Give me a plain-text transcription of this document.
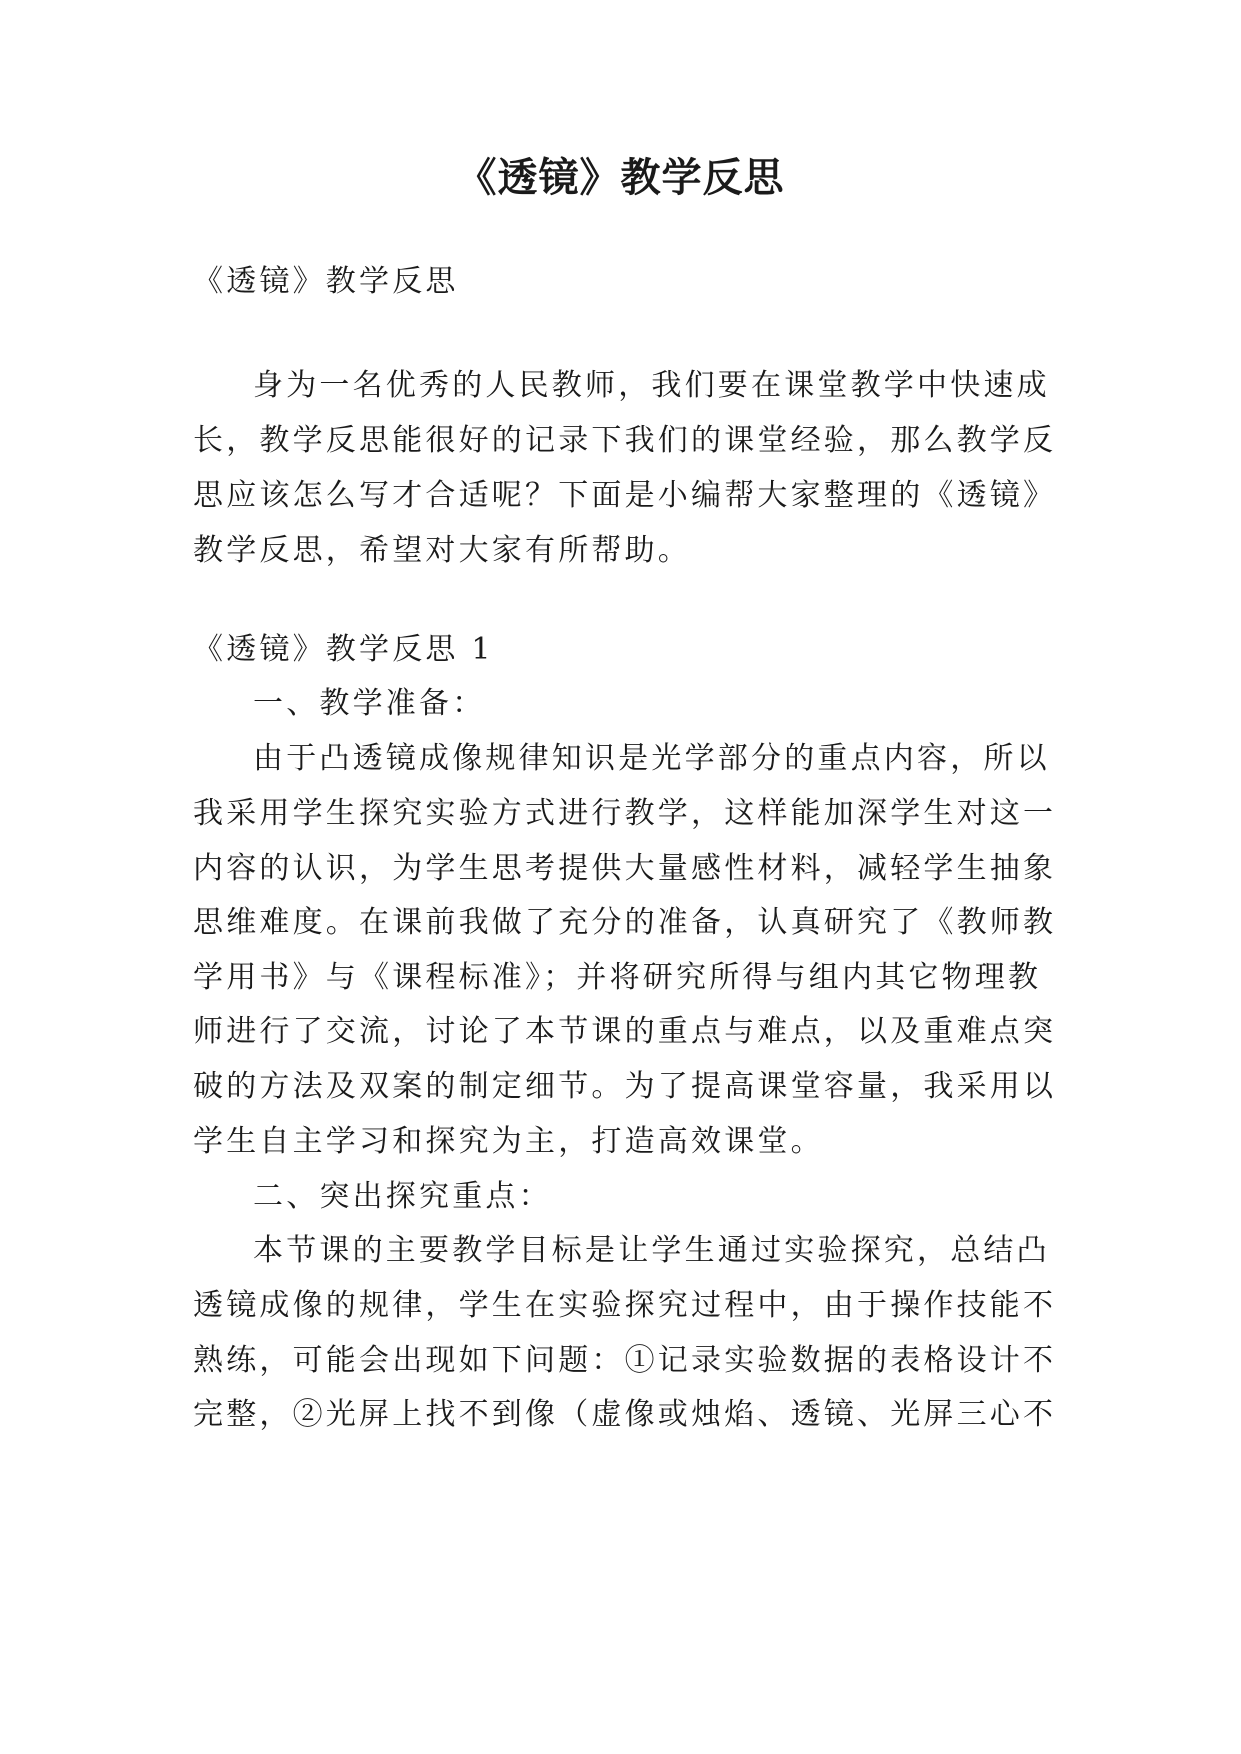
《透镜》教学反思

《透镜》教学反思

身为一名优秀的人民教师，我们要在课堂教学中快速成

长，教学反思能很好的记录下我们的课堂经验，那么教学反

思应该怎么写才合适呢？下面是小编帮大家整理的《透镜》

教学反思，希望对大家有所帮助。

《透镜》教学反思 1

一、教学准备：

由于凸透镜成像规律知识是光学部分的重点内容，所以

我采用学生探究实验方式进行教学，这样能加深学生对这一

内容的认识，为学生思考提供大量感性材料，减轻学生抽象

思维难度。在课前我做了充分的准备，认真研究了《教师教

学用书》与《课程标准》；并将研究所得与组内其它物理教

师进行了交流，讨论了本节课的重点与难点，以及重难点突

破的方法及双案的制定细节。为了提高课堂容量，我采用以

学生自主学习和探究为主，打造高效课堂。

二、突出探究重点：

本节课的主要教学目标是让学生通过实验探究，总结凸

透镜成像的规律，学生在实验探究过程中，由于操作技能不

熟练，可能会出现如下问题：①记录实验数据的表格设计不

完整，②光屏上找不到像（虚像或烛焰、透镜、光屏三心不
